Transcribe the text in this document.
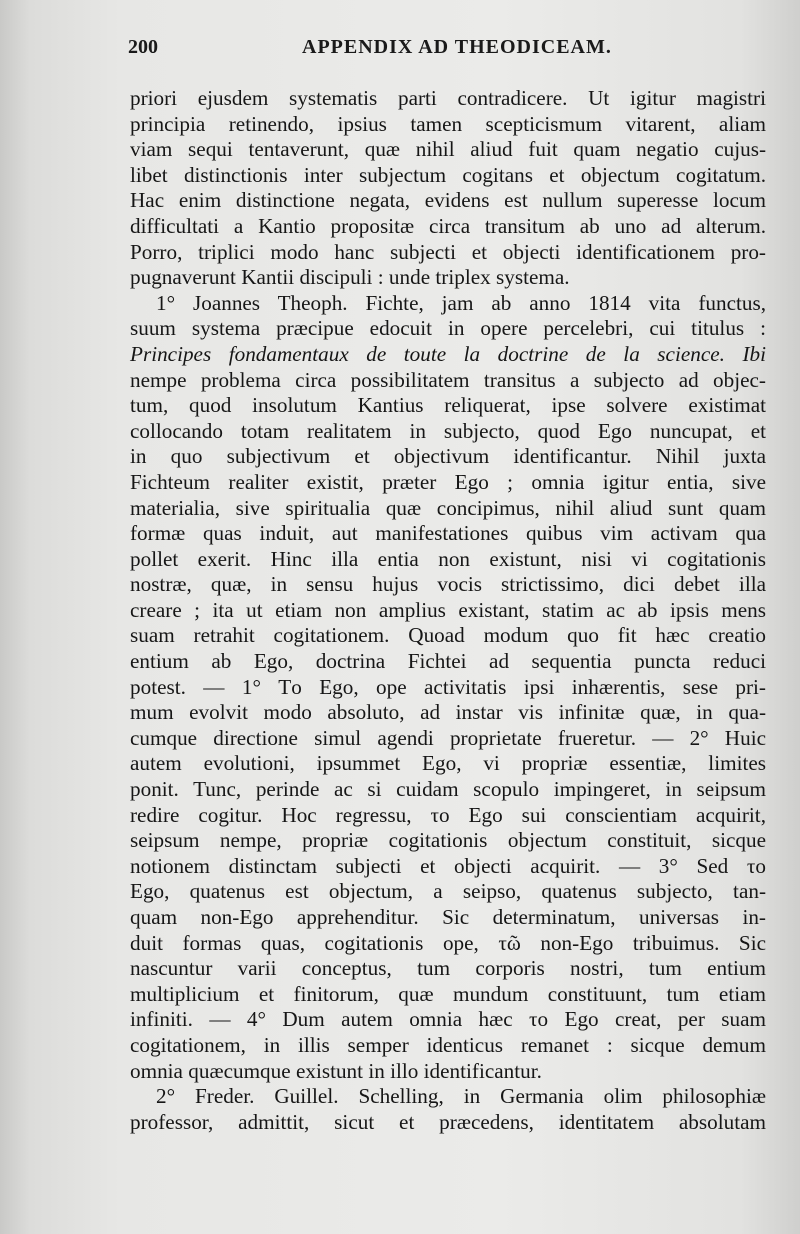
200	APPENDIX AD THEODICEAM.
priori ejusdem systematis parti contradicere. Ut igitur magistri
principia retinendo, ipsius tamen scepticismum vitarent, aliam
viam sequi tentaverunt, quæ nihil aliud fuit quam negatio cujus-
libet distinctionis inter subjectum cogitans et objectum cogitatum.
Hac enim distinctione negata, evidens est nullum superesse locum
difficultati a Kantio propositæ circa transitum ab uno ad alterum.
Porro, triplici modo hanc subjecti et objecti identificationem pro-
pugnaverunt Kantii discipuli : unde triplex systema.
1° Joannes Theoph. Fichte, jam ab anno 1814 vita functus,
suum systema præcipue edocuit in opere percelebri, cui titulus :
Principes fondamentaux de toute la doctrine de la science. Ibi
nempe problema circa possibilitatem transitus a subjecto ad objec-
tum, quod insolutum Kantius reliquerat, ipse solvere existimat
collocando totam realitatem in subjecto, quod Ego nuncupat, et
in quo subjectivum et objectivum identificantur. Nihil juxta
Fichteum realiter existit, præter Ego ; omnia igitur entia, sive
materialia, sive spiritualia quæ concipimus, nihil aliud sunt quam
formæ quas induit, aut manifestationes quibus vim activam qua
pollet exerit. Hinc illa entia non existunt, nisi vi cogitationis
nostræ, quæ, in sensu hujus vocis strictissimo, dici debet illa
creare ; ita ut etiam non amplius existant, statim ac ab ipsis mens
suam retrahit cogitationem. Quoad modum quo fit hæc creatio
entium ab Ego, doctrina Fichtei ad sequentia puncta reduci
potest. — 1° Τo Ego, ope activitatis ipsi inhærentis, sese pri-
mum evolvit modo absoluto, ad instar vis infinitæ quæ, in qua-
cumque directione simul agendi proprietate frueretur. — 2° Huic
autem evolutioni, ipsummet Ego, vi propriæ essentiæ, limites
ponit. Tunc, perinde ac si cuidam scopulo impingeret, in seipsum
redire cogitur. Hoc regressu, τo Ego sui conscientiam acquirit,
seipsum nempe, propriæ cogitationis objectum constituit, sicque
notionem distinctam subjecti et objecti acquirit. — 3° Sed τo
Ego, quatenus est objectum, a seipso, quatenus subjecto, tan-
quam non-Ego apprehenditur. Sic determinatum, universas in-
duit formas quas, cogitationis ope, τῶ non-Ego tribuimus. Sic
nascuntur varii conceptus, tum corporis nostri, tum entium
multiplicium et finitorum, quæ mundum constituunt, tum etiam
infiniti. — 4° Dum autem omnia hæc τo Ego creat, per suam
cogitationem, in illis semper identicus remanet : sicque demum
omnia quæcumque existunt in illo identificantur.
2° Freder. Guillel. Schelling, in Germania olim philosophiæ
professor, admittit, sicut et præcedens, identitatem absolutam
